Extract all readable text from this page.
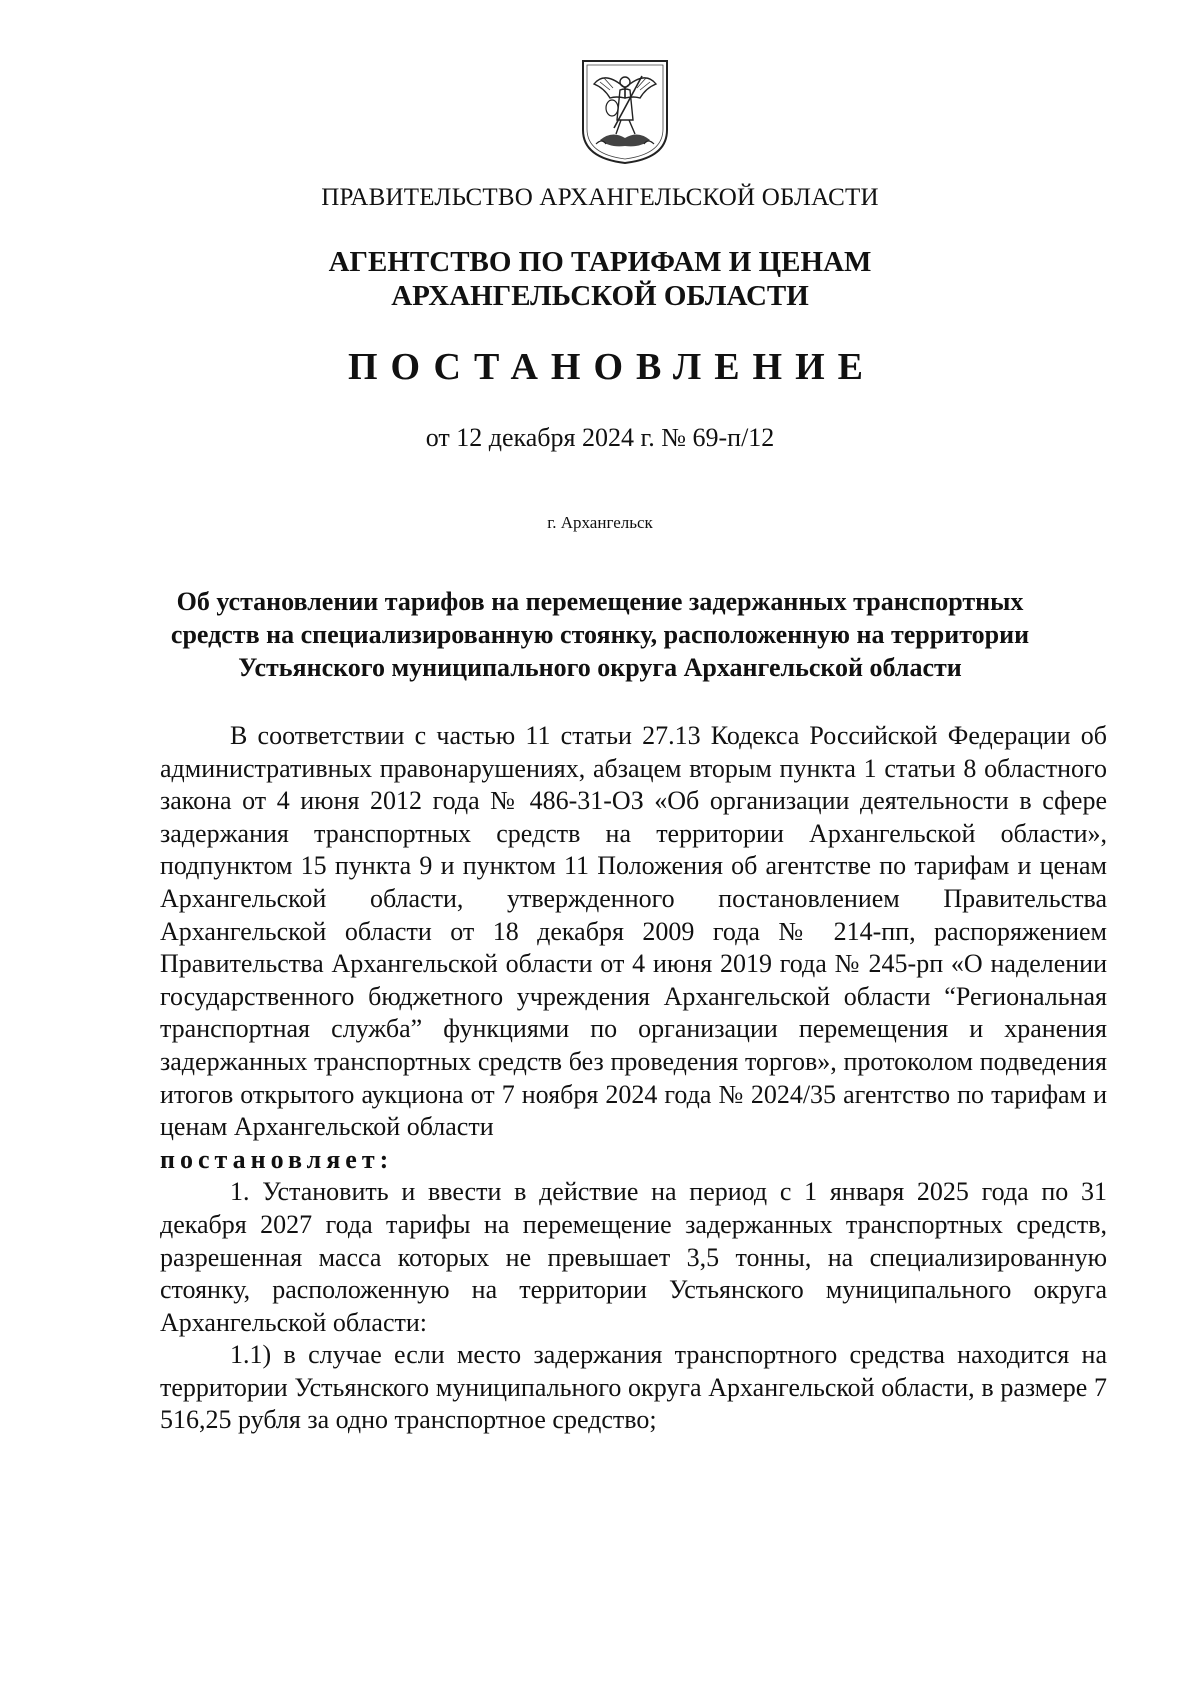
ПРАВИТЕЛЬСТВО АРХАНГЕЛЬСКОЙ ОБЛАСТИ
АГЕНТСТВО ПО ТАРИФАМ И ЦЕНАМ
АРХАНГЕЛЬСКОЙ ОБЛАСТИ
ПОСТАНОВЛЕНИЕ
от 12 декабря 2024 г. № 69-п/12
г. Архангельск
Об установлении тарифов на перемещение задержанных транспортных
средств на специализированную стоянку, расположенную на территории
Устьянского муниципального округа Архангельской области

В соответствии с частью 11 статьи 27.13 Кодекса Российской Федерации об административных правонарушениях, абзацем вторым пункта 1 статьи 8 областного закона от 4 июня 2012 года № 486-31-ОЗ «Об организации деятельности в сфере задержания транспортных средств на территории Архангельской области», подпунктом 15 пункта 9 и пунктом 11 Положения об агентстве по тарифам и ценам Архангельской области, утвержденного постановлением Правительства Архангельской области от 18 декабря 2009 года № 214-пп, распоряжением Правительства Архангельской области от 4 июня 2019 года № 245-рп «О наделении государственного бюджетного учреждения Архангельской области “Региональная транспортная служба” функциями по организации перемещения и хранения задержанных транспортных средств без проведения торгов», протоколом подведения итогов открытого аукциона от 7 ноября 2024 года № 2024/35 агентство по тарифам и ценам Архангельской области

постановляет:

1. Установить и ввести в действие на период с 1 января 2025 года по 31 декабря 2027 года тарифы на перемещение задержанных транспортных средств, разрешенная масса которых не превышает 3,5 тонны, на специализированную стоянку, расположенную на территории Устьянского муниципального округа Архангельской области:

1.1) в случае если место задержания транспортного средства находится на территории Устьянского муниципального округа Архангельской области, в размере 7 516,25 рубля за одно транспортное средство;
